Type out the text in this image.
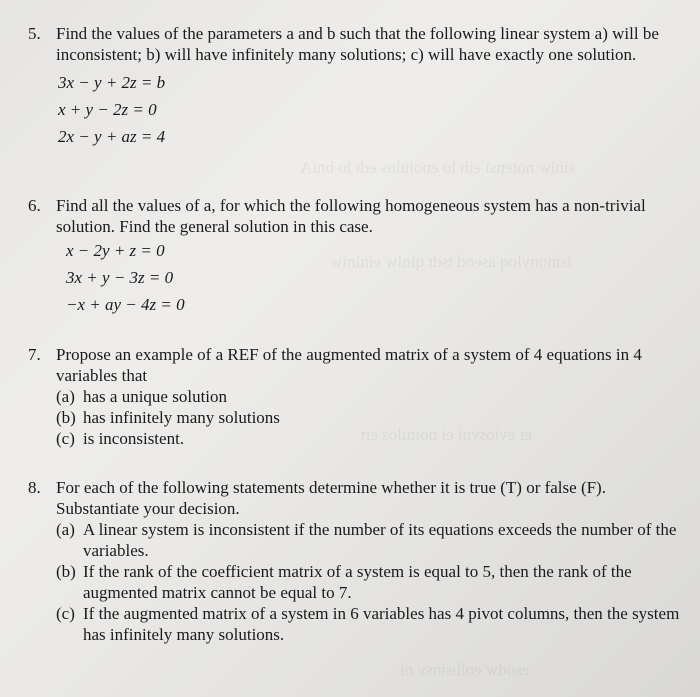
sinlw notensi eih lo enoiulos edi lo bniA
lsmonyloq aseod tsdt qinlw einlniw
ei eviosvni ei noitulos ert
esodw eolbsinsv ni
5. Find the values of the parameters a and b such that the following linear system a) will be inconsistent; b) will have infinitely many solutions; c) will have exactly one solution.
3x − y + 2z = b
x + y − 2z = 0
2x − y + az = 4
6. Find all the values of a, for which the following homogeneous system has a non-trivial solution. Find the general solution in this case.
x − 2y + z = 0
3x + y − 3z = 0
−x + ay − 4z = 0
7. Propose an example of a REF of the augmented matrix of a system of 4 equations in 4 variables that
(a) has a unique solution
(b) has infinitely many solutions
(c) is inconsistent.
8. For each of the following statements determine whether it is true (T) or false (F). Substantiate your decision.
(a) A linear system is inconsistent if the number of its equations exceeds the number of the variables.
(b) If the rank of the coefficient matrix of a system is equal to 5, then the rank of the augmented matrix cannot be equal to 7.
(c) If the augmented matrix of a system in 6 variables has 4 pivot columns, then the system has infinitely many solutions.
